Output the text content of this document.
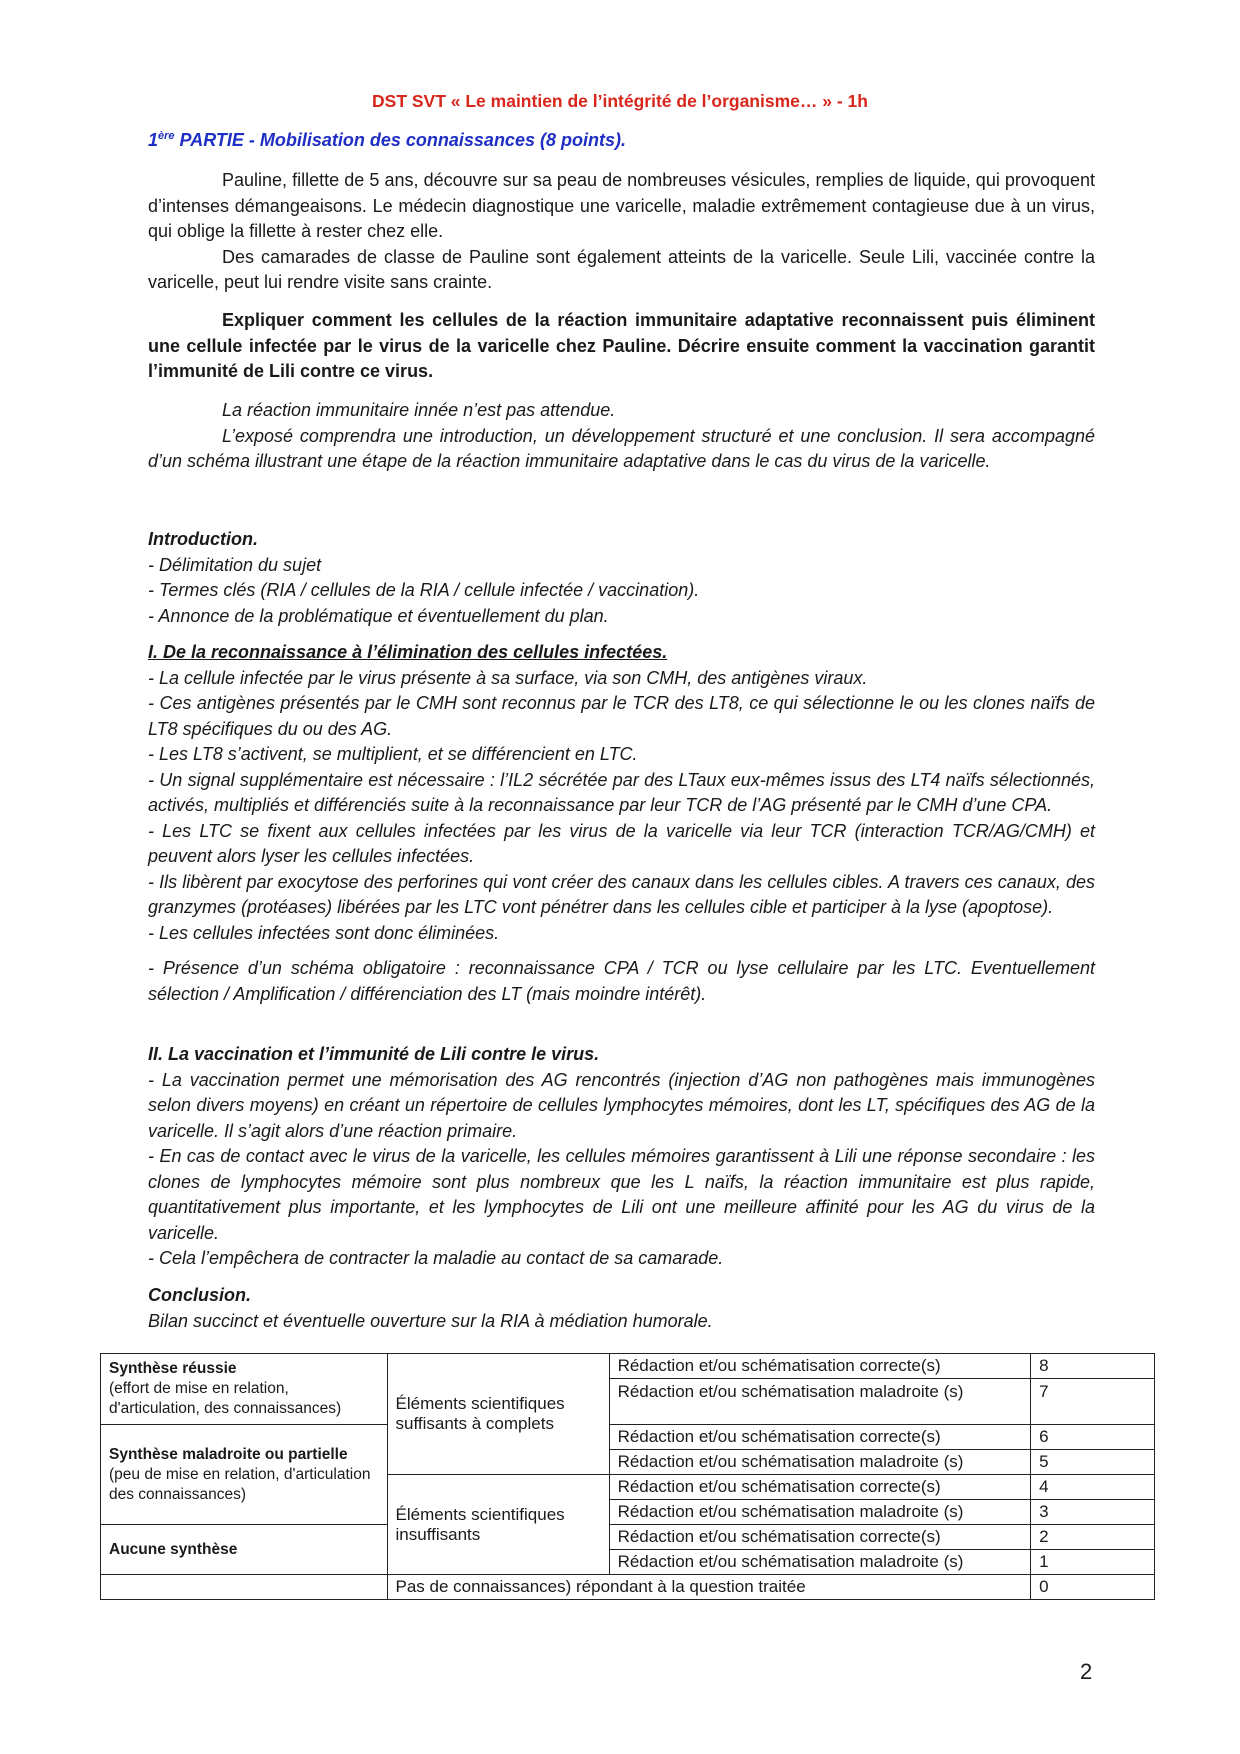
DST SVT « Le maintien de l’intégrité de l’organisme… » - 1h
1ère PARTIE - Mobilisation des connaissances (8 points).

Pauline, fillette de 5 ans, découvre sur sa peau de nombreuses vésicules, remplies de liquide, qui provoquent d’intenses démangeaisons. Le médecin diagnostique une varicelle, maladie extrêmement contagieuse due à un virus, qui oblige la fillette à rester chez elle.

Des camarades de classe de Pauline sont également atteints de la varicelle. Seule Lili, vaccinée contre la varicelle, peut lui rendre visite sans crainte.

Expliquer comment les cellules de la réaction immunitaire adaptative reconnaissent puis éliminent une cellule infectée par le virus de la varicelle chez Pauline. Décrire ensuite comment la vaccination garantit l’immunité de Lili contre ce virus.

La réaction immunitaire innée n’est pas attendue.

L’exposé comprendra une introduction, un développement structuré et une conclusion. Il sera accompagné d’un schéma illustrant une étape de la réaction immunitaire adaptative dans le cas du virus de la varicelle.

Introduction.

- Délimitation du sujet

- Termes clés (RIA / cellules de la RIA / cellule infectée / vaccination).

- Annonce de la problématique et éventuellement du plan.

I. De la reconnaissance à l’élimination des cellules infectées.

- La cellule infectée par le virus présente à sa surface, via son CMH, des antigènes viraux.

- Ces antigènes présentés par le CMH sont reconnus par le TCR des LT8, ce qui sélectionne le ou les clones naïfs de LT8 spécifiques du ou des AG.

- Les LT8 s’activent, se multiplient, et se différencient en LTC.

- Un signal supplémentaire est nécessaire : l’IL2 sécrétée par des LTaux eux-mêmes issus des LT4 naïfs sélectionnés, activés, multipliés et différenciés suite à la reconnaissance par leur TCR de l’AG présenté par le CMH d’une CPA.

- Les LTC se fixent aux cellules infectées par les virus de la varicelle via leur TCR (interaction TCR/AG/CMH) et peuvent alors lyser les cellules infectées.

- Ils libèrent par exocytose des perforines qui vont créer des canaux dans les cellules cibles. A travers ces canaux, des granzymes (protéases) libérées par les LTC vont pénétrer dans les cellules cible et participer à la lyse (apoptose).

- Les cellules infectées sont donc éliminées.

- Présence d’un schéma obligatoire : reconnaissance CPA / TCR ou lyse cellulaire par les LTC. Eventuellement sélection / Amplification / différenciation des LT (mais moindre intérêt).

II. La vaccination et l’immunité de Lili contre le virus.

- La vaccination permet une mémorisation des AG rencontrés (injection d’AG non pathogènes mais immunogènes selon divers moyens) en créant un répertoire de cellules lymphocytes mémoires, dont les LT, spécifiques des AG de la varicelle. Il s’agit alors d’une réaction primaire.

- En cas de contact avec le virus de la varicelle, les cellules mémoires garantissent à Lili une réponse secondaire : les clones de lymphocytes mémoire sont plus nombreux que les L naïfs, la réaction immunitaire est plus rapide, quantitativement plus importante, et les lymphocytes de Lili ont une meilleure affinité pour les AG du virus de la varicelle.

- Cela l’empêchera de contracter la maladie au contact de sa camarade.

Conclusion.

Bilan succinct et éventuelle ouverture sur la RIA à médiation humorale.

Synthèse réussie
(effort de mise en relation, d'articulation, des connaissances)	Éléments scientifiques suffisants à complets	Rédaction et/ou schématisation correcte(s)	8
		Rédaction et/ou schématisation maladroite (s)	7

Synthèse maladroite ou partielle
(peu de mise en relation, d'articulation des connaissances)		Rédaction et/ou schématisation correcte(s)	6
		Rédaction et/ou schématisation maladroite (s)	5
	Éléments scientifiques insuffisants	Rédaction et/ou schématisation correcte(s)	4
		Rédaction et/ou schématisation maladroite (s)	3

Aucune synthèse		Rédaction et/ou schématisation correcte(s)	2
		Rédaction et/ou schématisation maladroite (s)	1
	Pas de connaissances) répondant à la question traitée		0
2
